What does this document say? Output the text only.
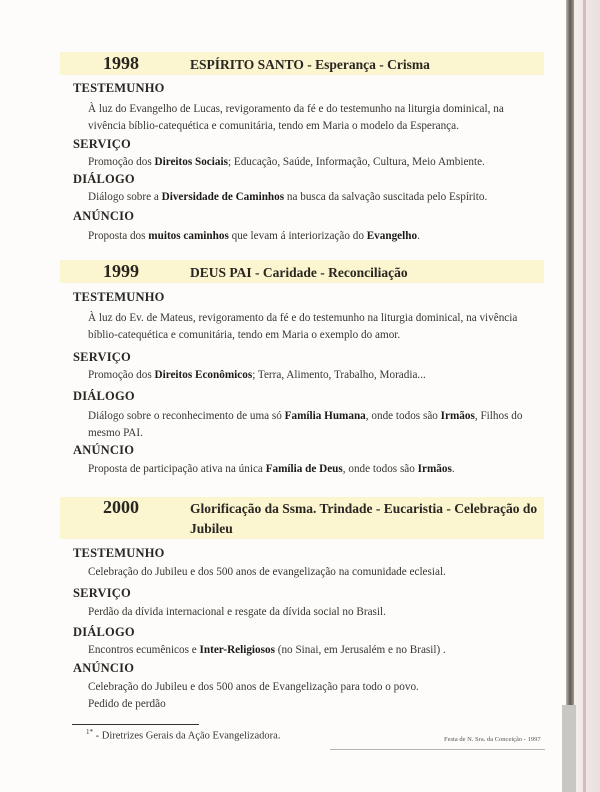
1998	ESPÍRITO SANTO - Esperança - Crisma
TESTEMUNHO
À luz do Evangelho de Lucas, revigoramento da fé e do testemunho na liturgia dominical, na
vivência bíblio-catequética e comunitária, tendo em Maria o modelo da Esperança.
SERVIÇO
Promoção dos Direitos Sociais; Educação, Saúde, Informação, Cultura, Meio Ambiente.
DIÁLOGO
Diálogo sobre a Diversidade de Caminhos na busca da salvação suscitada pelo Espírito.
ANÚNCIO
Proposta dos muitos caminhos que levam á interiorização do Evangelho.
1999	DEUS PAI - Caridade - Reconciliação
TESTEMUNHO
À luz do Ev. de Mateus, revigoramento da fé e do testemunho na liturgia dominical, na vivência
bíblio-catequética e comunitária, tendo em Maria o exemplo do amor.
SERVIÇO
Promoção dos Direitos Econômicos; Terra, Alimento, Trabalho, Moradia...
DIÁLOGO
Diálogo sobre o reconhecimento de uma só Família Humana, onde todos são Irmãos, Filhos do
mesmo PAI.
ANÚNCIO
Proposta de participação ativa na única Família de Deus, onde todos são Irmãos.
2000	Glorificação da Ssma. Trindade - Eucaristia - Celebração do Jubileu
TESTEMUNHO
Celebração do Jubileu e dos 500 anos de evangelização na comunidade eclesial.
SERVIÇO
Perdão da dívida internacional e resgate da dívida social no Brasil.
DIÁLOGO
Encontros ecumênicos e Inter-Religiosos (no Sinai, em Jerusalém e no Brasil) .
ANÚNCIO
Celebração do Jubileu e dos 500 anos de Evangelização para todo o povo.
Pedido de perdão
$^{1*}$ - Diretrizes Gerais da Ação Evangelizadora.	Festa de N. Sra. da Conceição - 1997
